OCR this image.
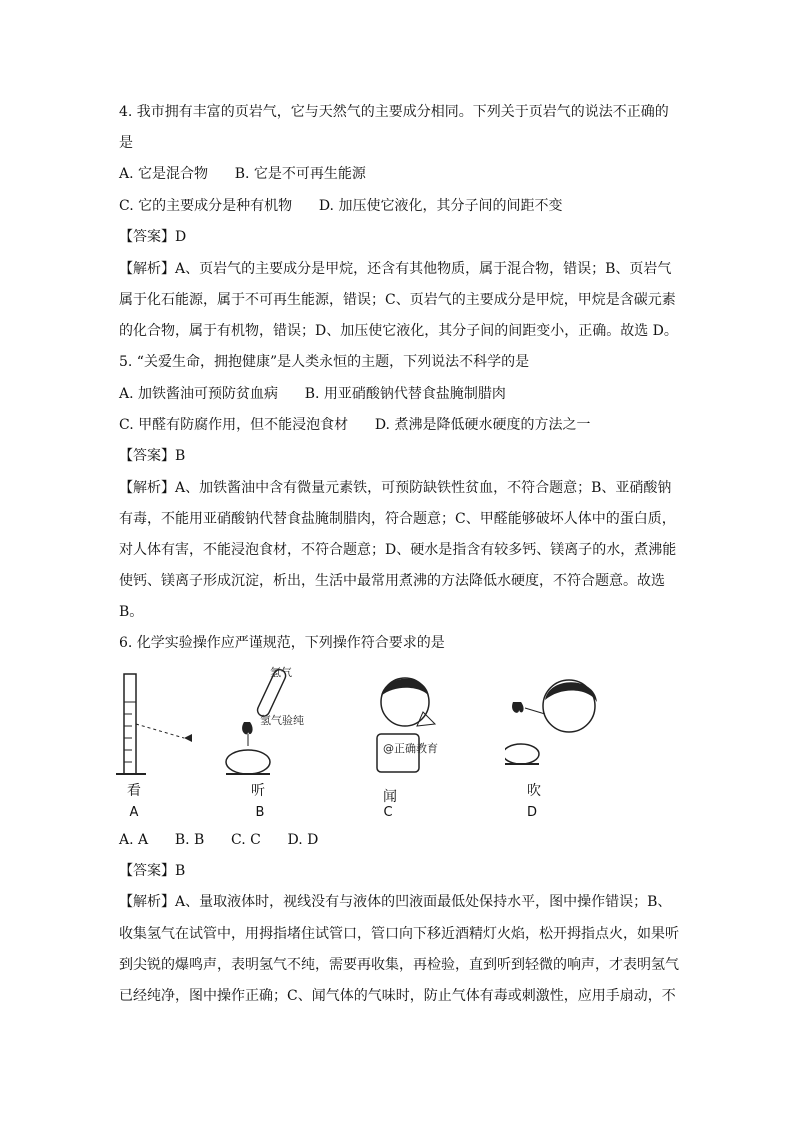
4. 我市拥有丰富的页岩气，它与天然气的主要成分相同。下列关于页岩气的说法不正确的
是
A. 它是混合物      B. 它是不可再生能源
C. 它的主要成分是种有机物      D. 加压使它液化，其分子间的间距不变
【答案】D
【解析】A、页岩气的主要成分是甲烷，还含有其他物质，属于混合物，错误；B、页岩气
属于化石能源，属于不可再生能源，错误；C、页岩气的主要成分是甲烷，甲烷是含碳元素
的化合物，属于有机物，错误；D、加压使它液化，其分子间的间距变小，正确。故选 D。
5. “关爱生命，拥抱健康”是人类永恒的主题，下列说法不科学的是
A. 加铁酱油可预防贫血病      B. 用亚硝酸钠代替食盐腌制腊肉
C. 甲醛有防腐作用，但不能浸泡食材      D. 煮沸是降低硬水硬度的方法之一
【答案】B
【解析】A、加铁酱油中含有微量元素铁，可预防缺铁性贫血，不符合题意；B、亚硝酸钠
有毒，不能用亚硝酸钠代替食盐腌制腊肉，符合题意；C、甲醛能够破坏人体中的蛋白质，
对人体有害，不能浸泡食材，不符合题意；D、硬水是指含有较多钙、镁离子的水，煮沸能
使钙、镁离子形成沉淀，析出，生活中最常用煮沸的方法降低水硬度，不符合题意。故选
B。
6. 化学实验操作应严谨规范，下列操作符合要求的是
看
A
氢气
氢气验纯
听
B
@正确教育
闻
C
吹
D
A. A      B. B      C. C      D. D
【答案】B
【解析】A、量取液体时，视线没有与液体的凹液面最低处保持水平，图中操作错误；B、
收集氢气在试管中，用拇指堵住试管口，管口向下移近酒精灯火焰，松开拇指点火，如果听
到尖锐的爆鸣声，表明氢气不纯，需要再收集，再检验，直到听到轻微的响声，才表明氢气
已经纯净，图中操作正确；C、闻气体的气味时，防止气体有毒或刺激性，应用手扇动，不
